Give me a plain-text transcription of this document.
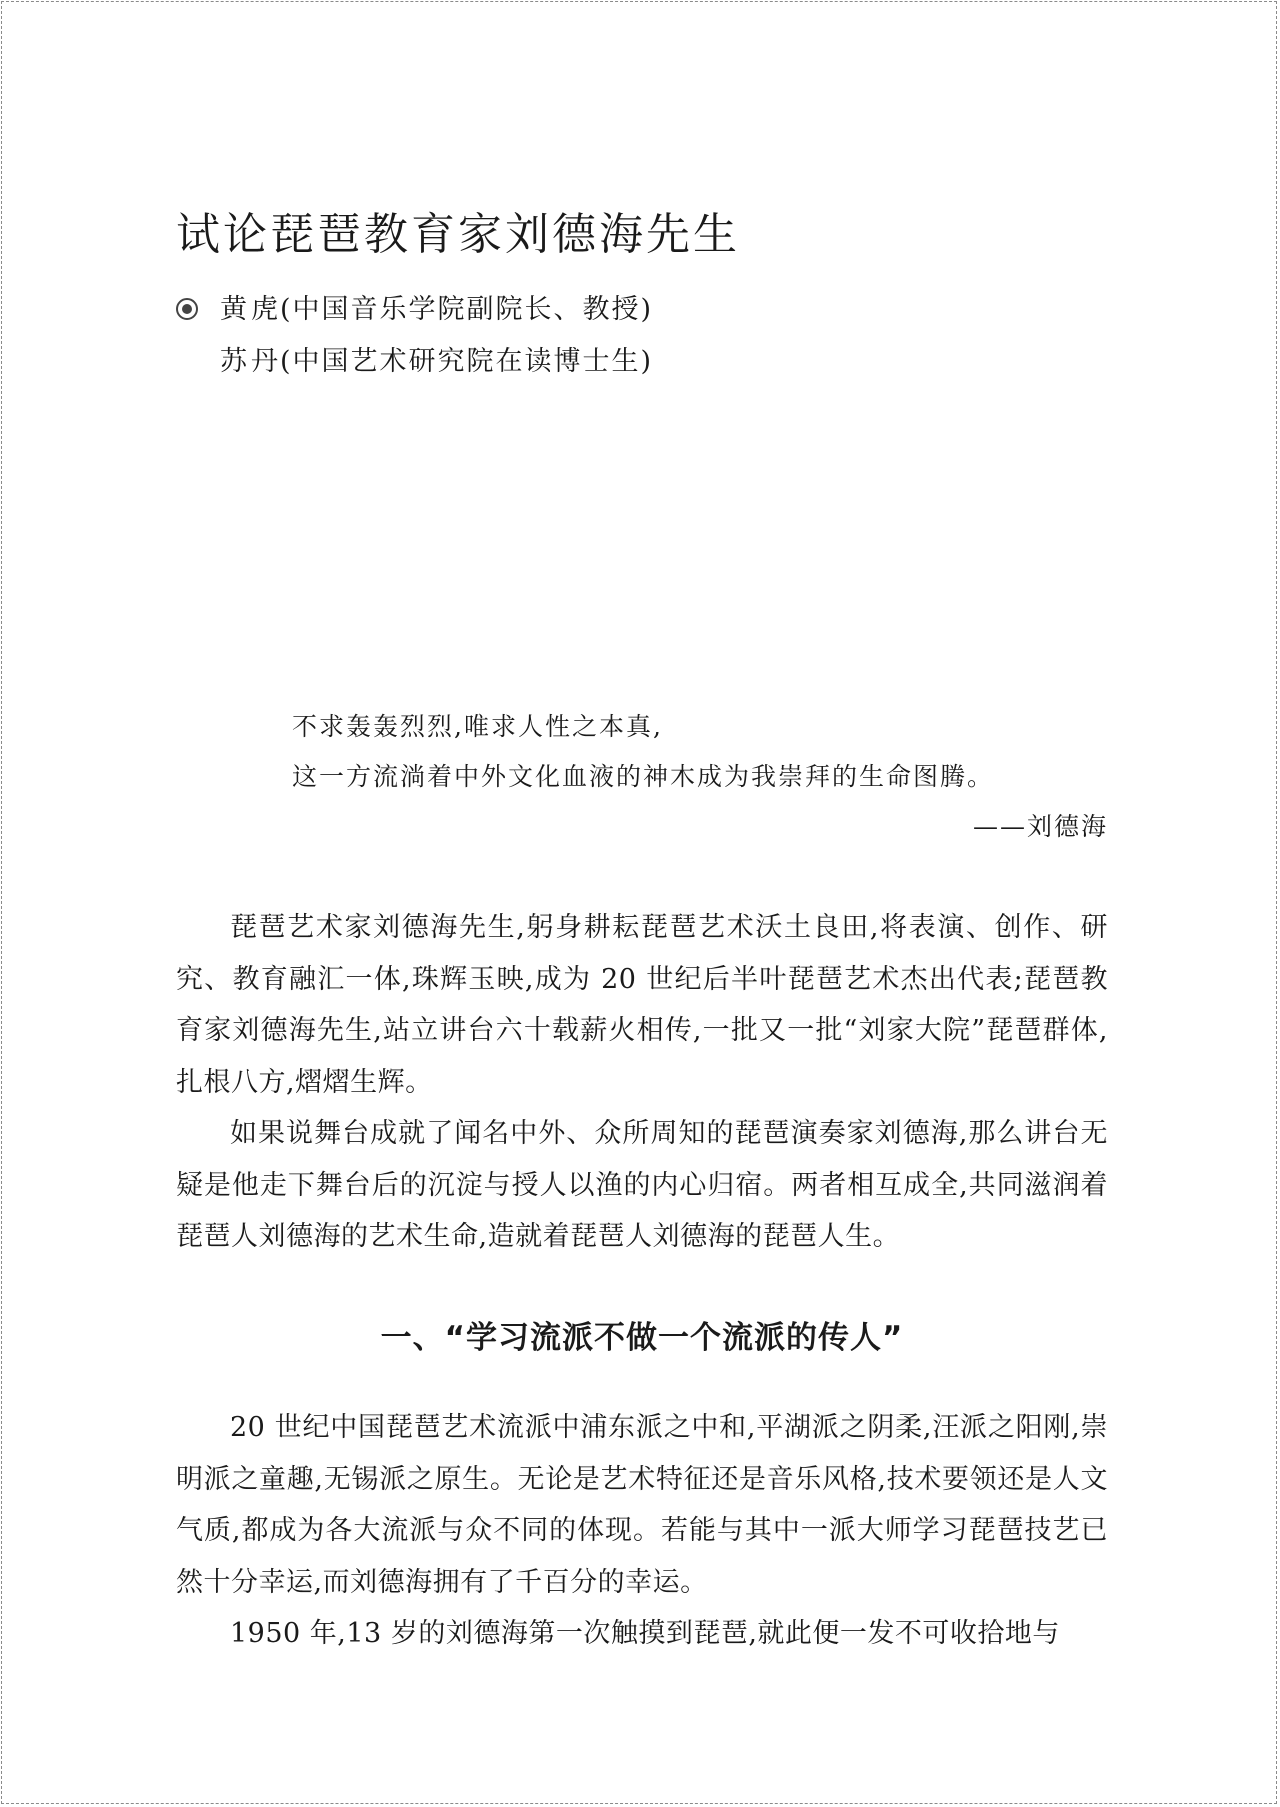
试论琵琶教育家刘德海先生
黄 虎 (中国音乐学院副院长、教授)
苏 丹 (中国艺术研究院在读博士生)
不求轰轰烈烈,唯求人性之本真,
这一方流淌着中外文化血液的神木成为我崇拜的生命图腾。
——刘德海

琵琶艺术家刘德海先生,躬身耕耘琵琶艺术沃土良田,将表演、创作、研究、教育融汇一体,珠辉玉映,成为 20 世纪后半叶琵琶艺术杰出代表;琵琶教育家刘德海先生,站立讲台六十载薪火相传,一批又一批“刘家大院”琵琶群体,扎根八方,熠熠生辉。

如果说舞台成就了闻名中外、众所周知的琵琶演奏家刘德海,那么讲台无疑是他走下舞台后的沉淀与授人以渔的内心归宿。两者相互成全,共同滋润着琵琶人刘德海的艺术生命,造就着琵琶人刘德海的琵琶人生。

一、“学习流派不做一个流派的传人”

20 世纪中国琵琶艺术流派中浦东派之中和,平湖派之阴柔,汪派之阳刚,崇明派之童趣,无锡派之原生。无论是艺术特征还是音乐风格,技术要领还是人文气质,都成为各大流派与众不同的体现。若能与其中一派大师学习琵琶技艺已然十分幸运,而刘德海拥有了千百分的幸运。

1950 年,13 岁的刘德海第一次触摸到琵琶,就此便一发不可收拾地与
